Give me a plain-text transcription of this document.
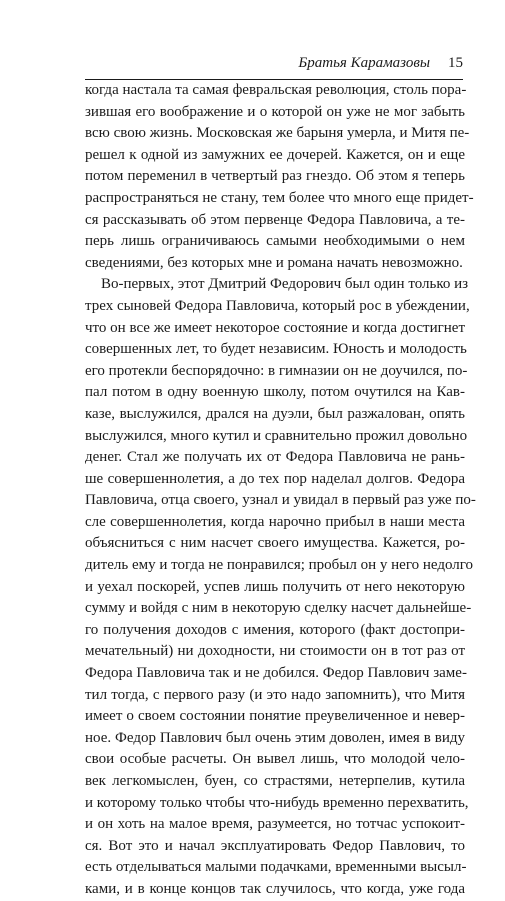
Братья Карамазовы 15
когда настала та самая февральская революция, столь пора-
зившая его воображение и о которой он уже не мог забыть
всю свою жизнь. Московская же барыня умерла, и Митя пе-
решел к одной из замужних ее дочерей. Кажется, он и еще
потом переменил в четвертый раз гнездо. Об этом я теперь
распространяться не стану, тем более что много еще придет-
ся рассказывать об этом первенце Федора Павловича, а те-
перь лишь ограничиваюсь самыми необходимыми о нем
сведениями, без которых мне и романа начать невозможно.
Во-первых, этот Дмитрий Федорович был один только из
трех сыновей Федора Павловича, который рос в убеждении,
что он все же имеет некоторое состояние и когда достигнет
совершенных лет, то будет независим. Юность и молодость
его протекли беспорядочно: в гимназии он не доучился, по-
пал потом в одну военную школу, потом очутился на Кав-
казе, выслужился, дрался на дуэли, был разжалован, опять
выслужился, много кутил и сравнительно прожил довольно
денег. Стал же получать их от Федора Павловича не рань-
ше совершеннолетия, а до тех пор наделал долгов. Федора
Павловича, отца своего, узнал и увидал в первый раз уже по-
сле совершеннолетия, когда нарочно прибыл в наши места
объясниться с ним насчет своего имущества. Кажется, ро-
дитель ему и тогда не понравился; пробыл он у него недолго
и уехал поскорей, успев лишь получить от него некоторую
сумму и войдя с ним в некоторую сделку насчет дальнейше-
го получения доходов с имения, которого (факт достопри-
мечательный) ни доходности, ни стоимости он в тот раз от
Федора Павловича так и не добился. Федор Павлович заме-
тил тогда, с первого разу (и это надо запомнить), что Митя
имеет о своем состоянии понятие преувеличенное и невер-
ное. Федор Павлович был очень этим доволен, имея в виду
свои особые расчеты. Он вывел лишь, что молодой чело-
век легкомыслен, буен, со страстями, нетерпелив, кутила
и которому только чтобы что-нибудь временно перехватить,
и он хоть на малое время, разумеется, но тотчас успокоит-
ся. Вот это и начал эксплуатировать Федор Павлович, то
есть отделываться малыми подачками, временными высыл-
ками, и в конце концов так случилось, что когда, уже года
